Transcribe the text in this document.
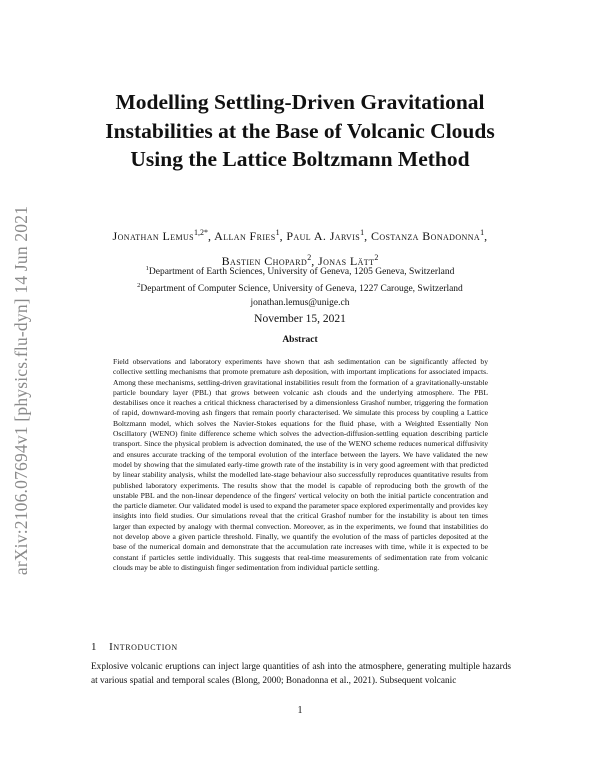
arXiv:2106.07694v1 [physics.flu-dyn] 14 Jun 2021
Modelling Settling-Driven Gravitational Instabilities at the Base of Volcanic Clouds Using the Lattice Boltzmann Method
Jonathan Lemus$^{1,2*}$, Allan Fries$^1$, Paul A. Jarvis$^1$, Costanza Bonadonna$^1$,
Bastien Chopard$^2$, Jonas Lätt$^2$
$^1$Department of Earth Sciences, University of Geneva, 1205 Geneva, Switzerland
$^2$Department of Computer Science, University of Geneva, 1227 Carouge, Switzerland
jonathan.lemus@unige.ch
November 15, 2021
Abstract
Field observations and laboratory experiments have shown that ash sedimentation can be significantly affected by collective settling mechanisms that promote premature ash deposition, with important implications for associated impacts. Among these mechanisms, settling-driven gravitational instabilities result from the formation of a gravitationally-unstable particle boundary layer (PBL) that grows between volcanic ash clouds and the underlying atmosphere. The PBL destabilises once it reaches a critical thickness characterised by a dimensionless Grashof number, triggering the formation of rapid, downward-moving ash fingers that remain poorly characterised. We simulate this process by coupling a Lattice Boltzmann model, which solves the Navier-Stokes equations for the fluid phase, with a Weighted Essentially Non Oscillatory (WENO) finite difference scheme which solves the advection-diffusion-settling equation describing particle transport. Since the physical problem is advection dominated, the use of the WENO scheme reduces numerical diffusivity and ensures accurate tracking of the temporal evolution of the interface between the layers. We have validated the new model by showing that the simulated early-time growth rate of the instability is in very good agreement with that predicted by linear stability analysis, whilst the modelled late-stage behaviour also successfully reproduces quantitative results from published laboratory experiments. The results show that the model is capable of reproducing both the growth of the unstable PBL and the non-linear dependence of the fingers' vertical velocity on both the initial particle concentration and the particle diameter. Our validated model is used to expand the parameter space explored experimentally and provides key insights into field studies. Our simulations reveal that the critical Grashof number for the instability is about ten times larger than expected by analogy with thermal convection. Moreover, as in the experiments, we found that instabilities do not develop above a given particle threshold. Finally, we quantify the evolution of the mass of particles deposited at the base of the numerical domain and demonstrate that the accumulation rate increases with time, while it is expected to be constant if particles settle individually. This suggests that real-time measurements of sedimentation rate from volcanic clouds may be able to distinguish finger sedimentation from individual particle settling.
1 Introduction
Explosive volcanic eruptions can inject large quantities of ash into the atmosphere, generating multiple hazards at various spatial and temporal scales (Blong, 2000; Bonadonna et al., 2021). Subsequent volcanic
1
